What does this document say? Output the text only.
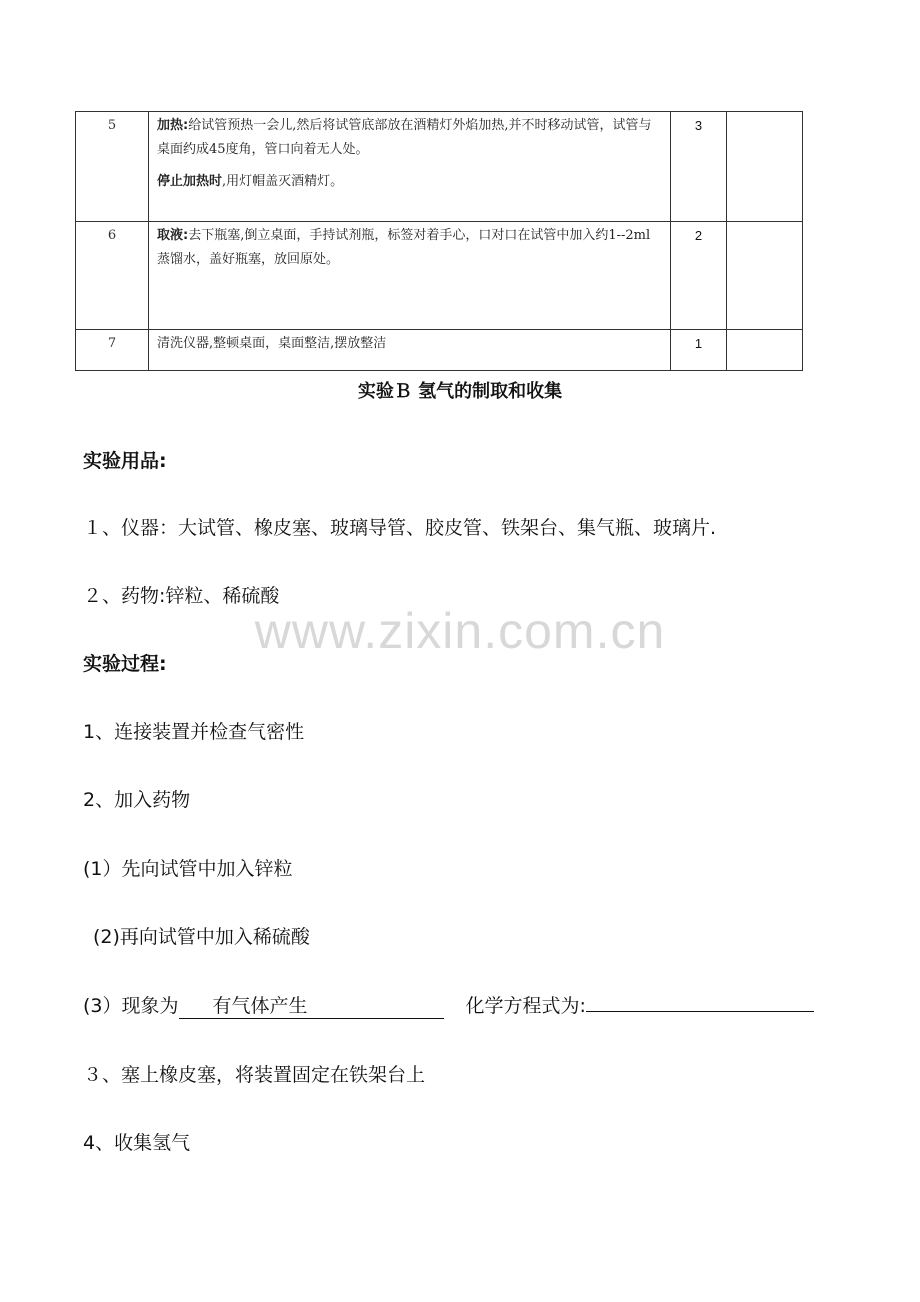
5	加热:给试管预热一会儿,然后将试管底部放在酒精灯外焰加热,并不时移动试管，试管与桌面约成45度角，管口向着无人处。
停止加热时,用灯帽盖灭酒精灯。	3	
6	取液:去下瓶塞,倒立桌面，手持试剂瓶，标签对着手心，口对口在试管中加入约1--2ml蒸馏水，盖好瓶塞，放回原处。	2	
7	清洗仪器,整顿桌面，桌面整洁,摆放整洁	1	
实验Ｂ 氢气的制取和收集
实验用品:
１、仪器：大试管、橡皮塞、玻璃导管、胶皮管、铁架台、集气瓶、玻璃片.
２、药物:锌粒、稀硫酸
www.zixin.com.cn
实验过程:
1、连接装置并检查气密性
2、加入药物
(1）先向试管中加入锌粒
(2)再向试管中加入稀硫酸
(3）现象为 有气体产生	化学方程式为:
３、塞上橡皮塞，将装置固定在铁架台上
4、收集氢气
